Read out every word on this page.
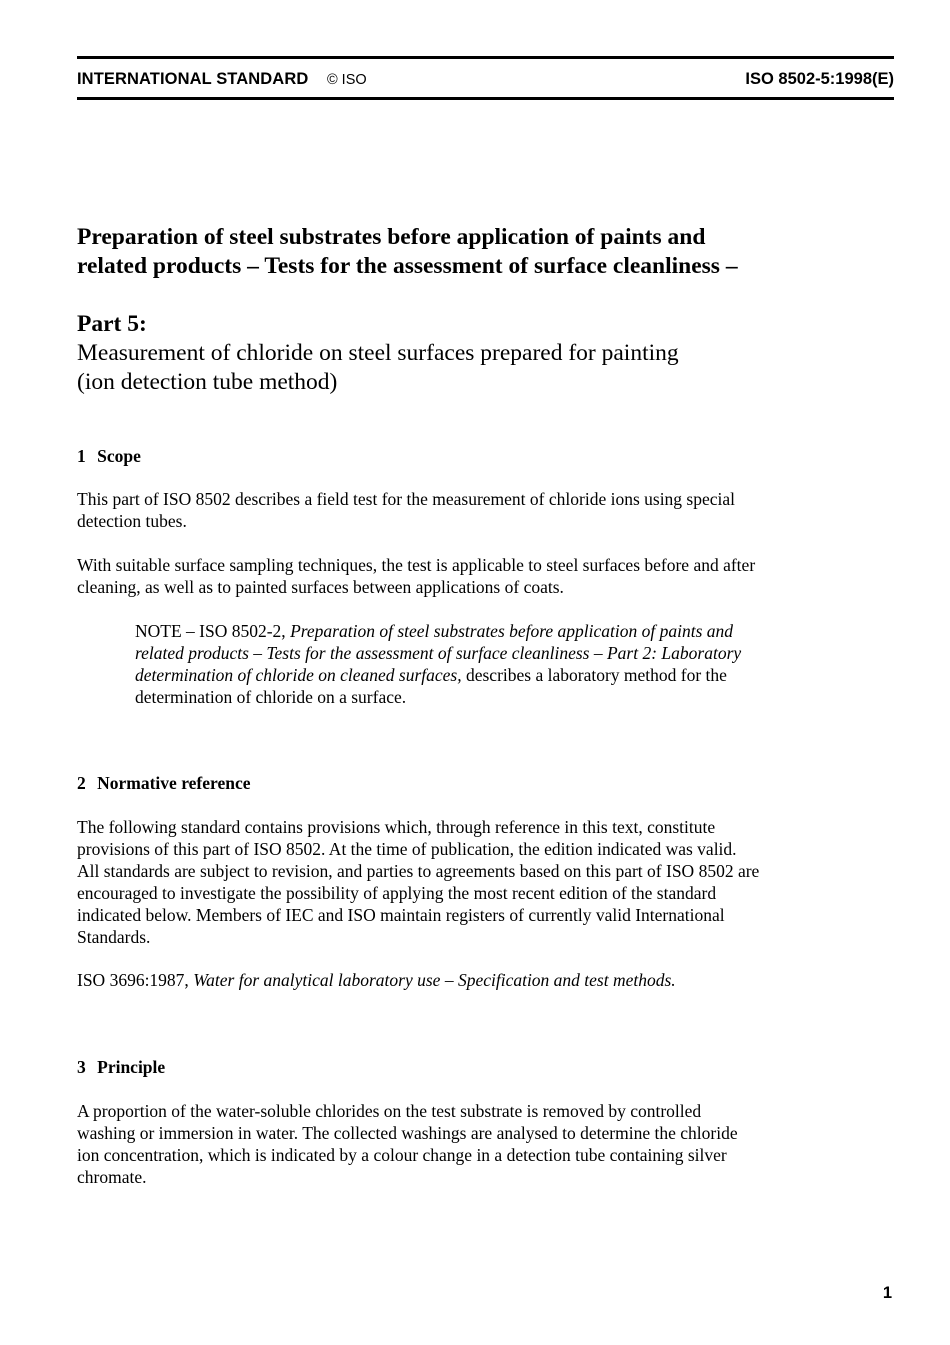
INTERNATIONAL STANDARD © ISO	ISO 8502-5:1998(E)
Preparation of steel substrates before application of paints and
related products – Tests for the assessment of surface cleanliness –
Part 5:
Measurement of chloride on steel surfaces prepared for painting
(ion detection tube method)
1 Scope
This part of ISO 8502 describes a field test for the measurement of chloride ions using special
detection tubes.
With suitable surface sampling techniques, the test is applicable to steel surfaces before and after
cleaning, as well as to painted surfaces between applications of coats.
NOTE – ISO 8502-2, Preparation of steel substrates before application of paints and
related products – Tests for the assessment of surface cleanliness – Part 2: Laboratory
determination of chloride on cleaned surfaces, describes a laboratory method for the
determination of chloride on a surface.
2 Normative reference
The following standard contains provisions which, through reference in this text, constitute
provisions of this part of ISO 8502. At the time of publication, the edition indicated was valid.
All standards are subject to revision, and parties to agreements based on this part of ISO 8502 are
encouraged to investigate the possibility of applying the most recent edition of the standard
indicated below. Members of IEC and ISO maintain registers of currently valid International
Standards.
ISO 3696:1987, Water for analytical laboratory use – Specification and test methods.
3 Principle
A proportion of the water-soluble chlorides on the test substrate is removed by controlled
washing or immersion in water. The collected washings are analysed to determine the chloride
ion concentration, which is indicated by a colour change in a detection tube containing silver
chromate.
1
